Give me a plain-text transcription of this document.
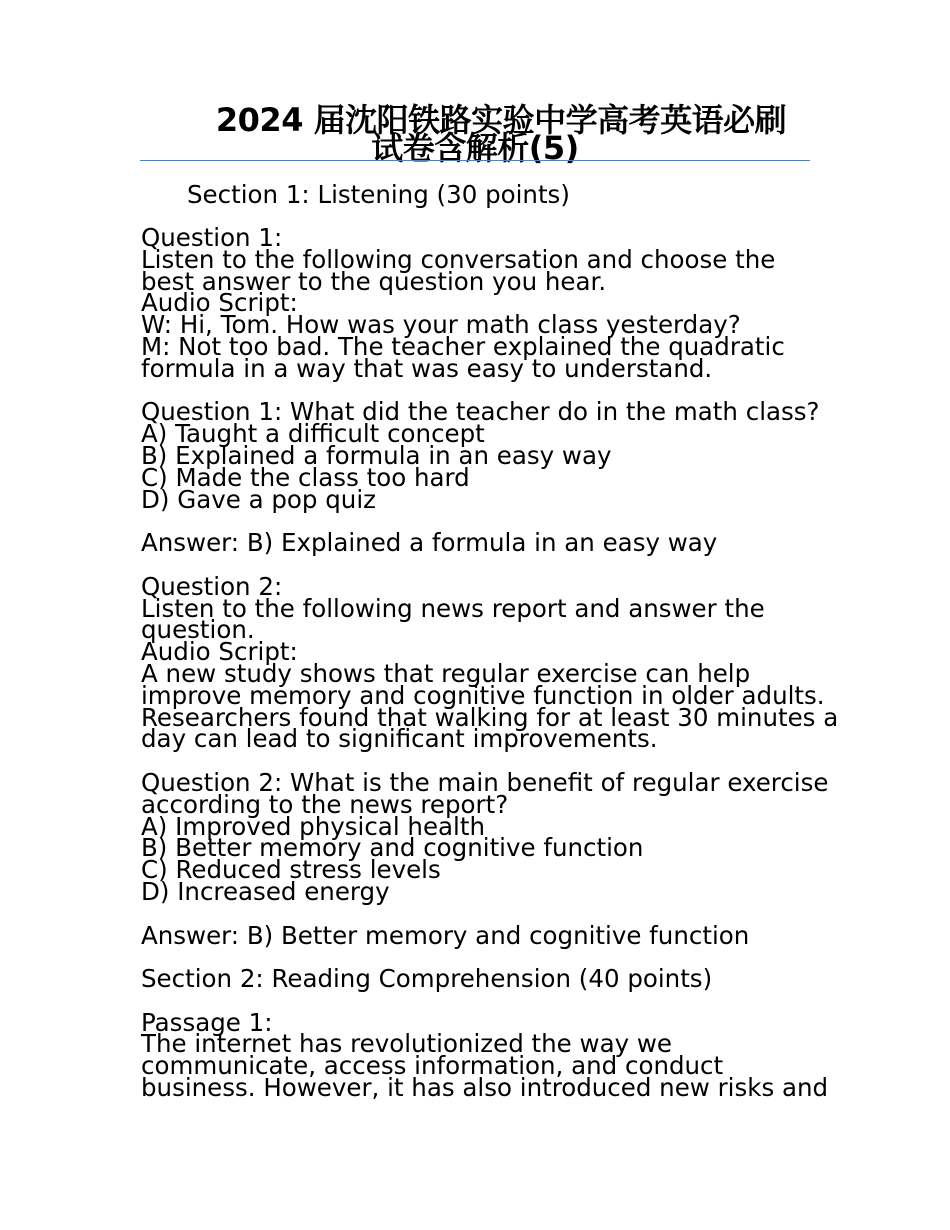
2024 届沈阳铁路实验中学高考英语必刷
试卷含解析(5)
Section 1: Listening (30 points)
Question 1:
Listen to the following conversation and choose the
best answer to the question you hear.
Audio Script:
W: Hi, Tom. How was your math class yesterday?
M: Not too bad. The teacher explained the quadratic
formula in a way that was easy to understand.
Question 1: What did the teacher do in the math class?
A) Taught a difficult concept
B) Explained a formula in an easy way
C) Made the class too hard
D) Gave a pop quiz
Answer: B) Explained a formula in an easy way
Question 2:
Listen to the following news report and answer the
question.
Audio Script:
A new study shows that regular exercise can help
improve memory and cognitive function in older adults.
Researchers found that walking for at least 30 minutes a
day can lead to significant improvements.
Question 2: What is the main benefit of regular exercise
according to the news report?
A) Improved physical health
B) Better memory and cognitive function
C) Reduced stress levels
D) Increased energy
Answer: B) Better memory and cognitive function
Section 2: Reading Comprehension (40 points)
Passage 1:
The internet has revolutionized the way we
communicate, access information, and conduct
business. However, it has also introduced new risks and
